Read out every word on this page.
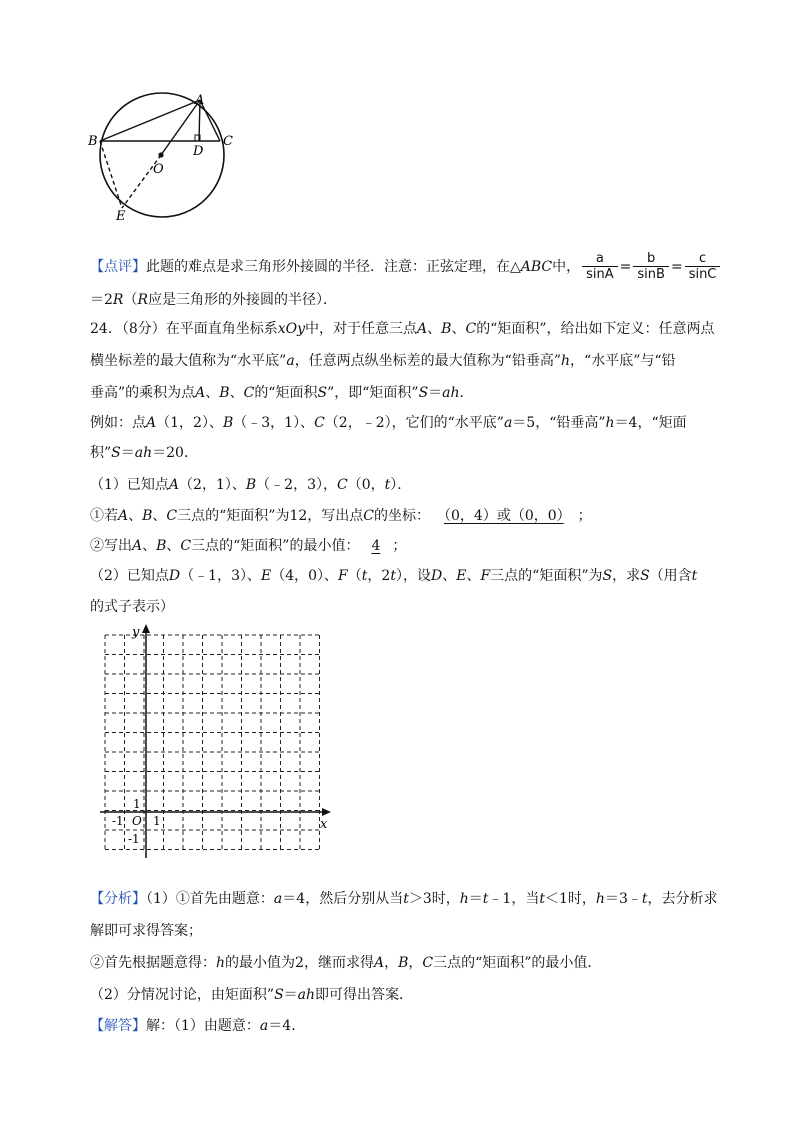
A
B	C
D
O
E
【点评】此题的难点是求三角形外接圆的半径．注意：正弦定理，在△ABC中， $\frac{a}{\sin A} = \frac{b}{\sin B} = \frac{c}{\sin C}$
＝2R（R应是三角形的外接圆的半径）．
24．（8分）在平面直角坐标系xOy中，对于任意三点A、B、C的“矩面积”，给出如下定义：任意两点
横坐标差的最大值称为“水平底”a，任意两点纵坐标差的最大值称为“铅垂高”h，“水平底”与“铅
垂高”的乘积为点A、B、C的“矩面积S”，即“矩面积”S＝ah．
例如：点A（1，2）、B（﹣3，1）、C（2，﹣2），它们的“水平底”a＝5，“铅垂高”h＝4，“矩面
积”S＝ah＝20．
（1）已知点A（2，1）、B（﹣2，3），C（0，t）．
①若A、B、C三点的“矩面积”为12，写出点C的坐标： （0，4）或（0，0） ；
②写出A、B、C三点的“矩面积”的最小值： 4 ；
（2）已知点D（﹣1，3）、E（4，0）、F（t，2t），设D、E、F三点的“矩面积”为S，求S（用含t
的式子表示）
y
x
1
-1 O 1
-1
【分析】（1）①首先由题意：a＝4，然后分别从当t＞3时，h＝t﹣1，当t＜1时，h＝3﹣t，去分析求
解即可求得答案；
②首先根据题意得：h的最小值为2，继而求得A，B，C三点的“矩面积”的最小值．
（2）分情况讨论，由矩面积”S＝ah即可得出答案．
【解答】解：（1）由题意：a＝4．
